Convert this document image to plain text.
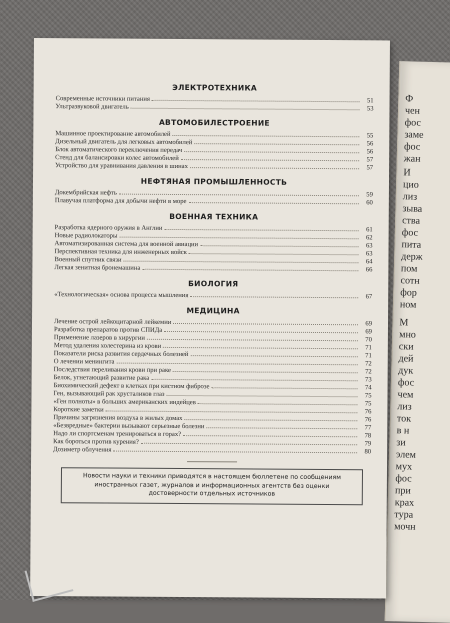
Ф
чен
фос
заме
фос
жан
И
цио
лиз
зыва
ства
фос
пита
держ
пом
сотн
фор
ном
М
мно
ски
дей
дук
фос
чем
лиз
ток
в н
зи
элем
мух
фос
при
крах
тура
мочн
ЭЛЕКТРОТЕХНИКА
Современные источники питания	51
Ультразвуковой двигатель	53
АВТОМОБИЛЕСТРОЕНИЕ
Машинное проектирование автомобилей	55
Дизельный двигатель для легковых автомобилей	56
Блок автоматического переключения передач	56
Стенд для балансировки колес автомобилей	57
Устройство для уравнивания давления в шинах	57
НЕФТЯНАЯ ПРОМЫШЛЕННОСТЬ
Докембрийская нефть	59
Плавучая платформа для добычи нефти в море	60
ВОЕННАЯ ТЕХНИКА
Разработка ядерного оружия в Англии	61
Новые радиолокаторы	62
Автоматизированная система для военной авиации	63
Перспективная техника для инженерных войск	63
Военный спутник связи	64
Легкая зенитная бронемашина	66
БИОЛОГИЯ
«Технологическая» основа процесса мышления	67
МЕДИЦИНА
Лечение острой лейкоцитарной лейкемии	69
Разработка препаратов против СПИДа	69
Применение лазеров в хирургии	70
Метод удаления холестерина из крови	71
Показатели риска развития сердечных болезней	71
О лечении менингита	72
Последствия переливания крови при раке	72
Белок, угнетающий развитие рака	73
Биохимический дефект в клетках при кистном фиброзе	74
Ген, вызывающий рак хрусталиков глаз	75
«Ген полноты» в больших американских индейцев	75
Короткие заметки	76
Причины загрязнения воздуха в жилых домах	76
«Безвредные» бактерии вызывают серьезные болезни	77
Надо ли спортсменам тренироваться в горах?	78
Как бороться против курения?	79
Дозиметр облучения	80
Новости науки и техники приводятся в настоящем бюллетене по сообщениям иностранных газет, журналов и информационных агентств без оценки достоверности отдельных источников
